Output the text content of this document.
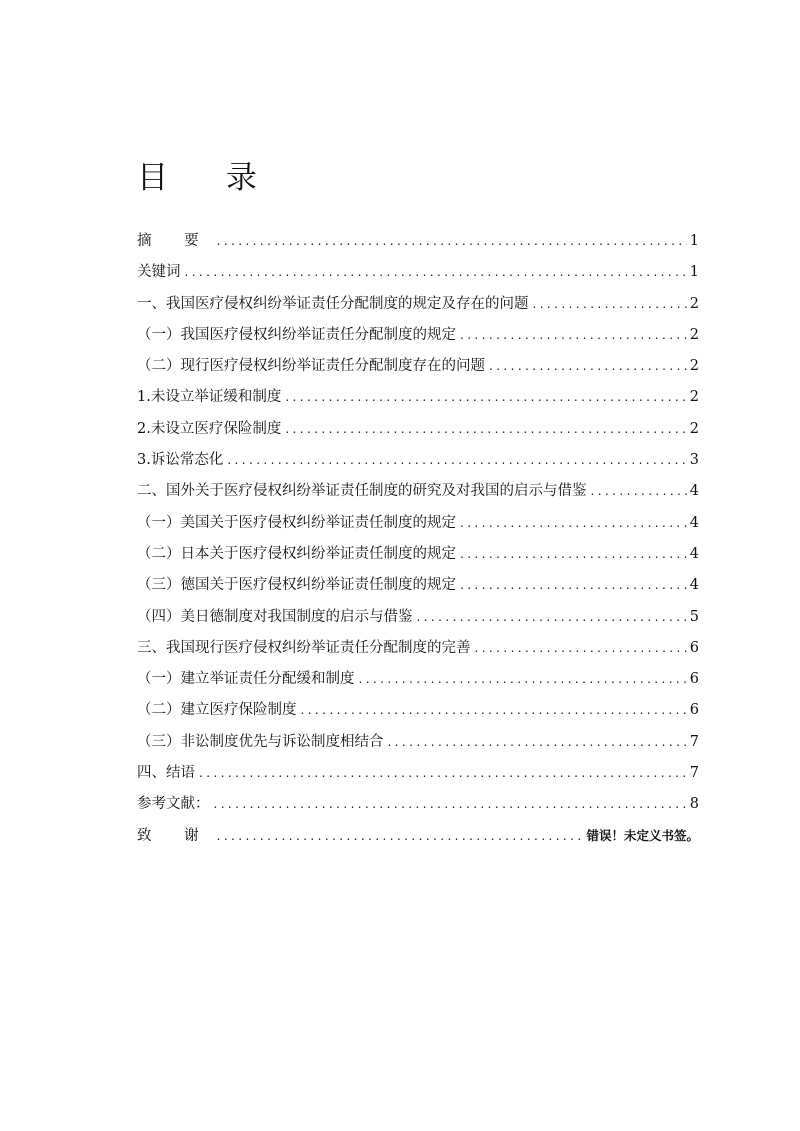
目 录
摘 要 .....	1
关键词 .....	1
一、我国医疗侵权纠纷举证责任分配制度的规定及存在的问题 .....	2
（一）我国医疗侵权纠纷举证责任分配制度的规定 .....	2
（二）现行医疗侵权纠纷举证责任分配制度存在的问题 .....	2
1.未设立举证缓和制度 .....	2
2.未设立医疗保险制度 .....	2
3.诉讼常态化 .....	3
二、国外关于医疗侵权纠纷举证责任制度的研究及对我国的启示与借鉴 .....	4
（一）美国关于医疗侵权纠纷举证责任制度的规定 .....	4
（二）日本关于医疗侵权纠纷举证责任制度的规定 .....	4
（三）德国关于医疗侵权纠纷举证责任制度的规定 .....	4
（四）美日德制度对我国制度的启示与借鉴 .....	5
三、我国现行医疗侵权纠纷举证责任分配制度的完善 .....	6
（一）建立举证责任分配缓和制度 .....	6
（二）建立医疗保险制度 .....	6
（三）非讼制度优先与诉讼制度相结合 .....	7
四、结语 .....	7
参考文献： .....	8
致 谢 .....	错误！未定义书签。
